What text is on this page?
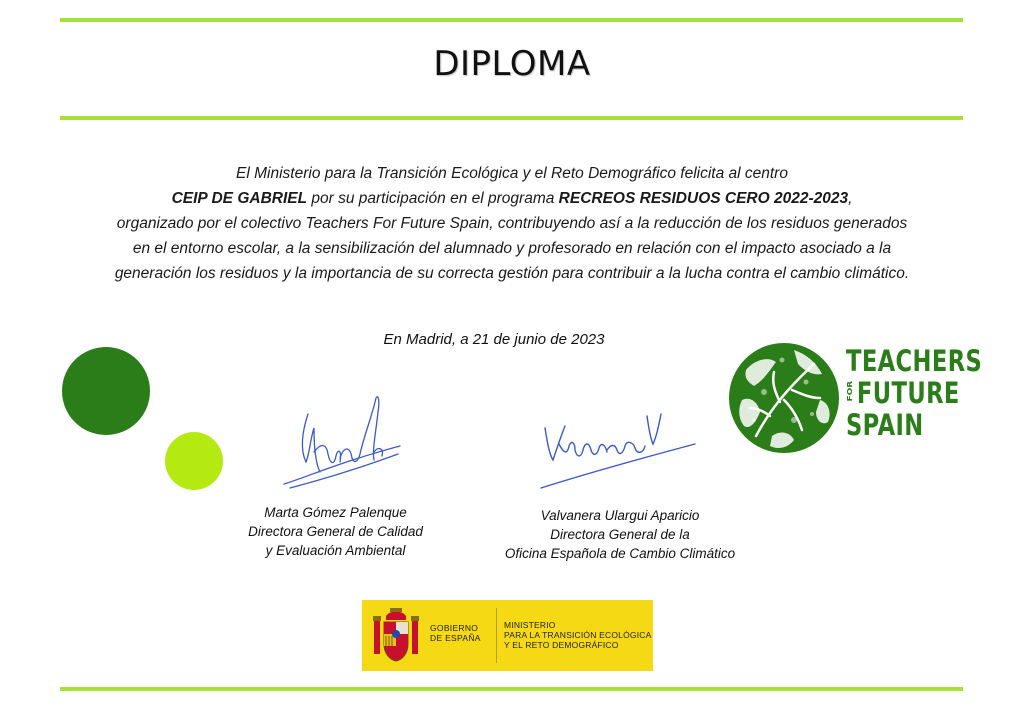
DIPLOMA
El Ministerio para la Transición Ecológica y el Reto Demográfico felicita al centro
CEIP DE GABRIEL por su participación en el programa RECREOS RESIDUOS CERO 2022-2023,
organizado por el colectivo Teachers For Future Spain, contribuyendo así a la reducción de los residuos generados en el entorno escolar, a la sensibilización del alumnado y profesorado en relación con el impacto asociado a la generación los residuos y la importancia de su correcta gestión para contribuir a la lucha contra el cambio climático.
En Madrid, a 21 de junio de 2023
Marta Gómez Palenque
Directora General de Calidad
y Evaluación Ambiental
Valvanera Ulargui Aparicio
Directora General de la
Oficina Española de Cambio Climático
TEACHERS
FORFUTURE
SPAIN
GOBIERNO
DE ESPAÑA
MINISTERIO
PARA LA TRANSICIÓN ECOLÓGICA
Y EL RETO DEMOGRÁFICO
